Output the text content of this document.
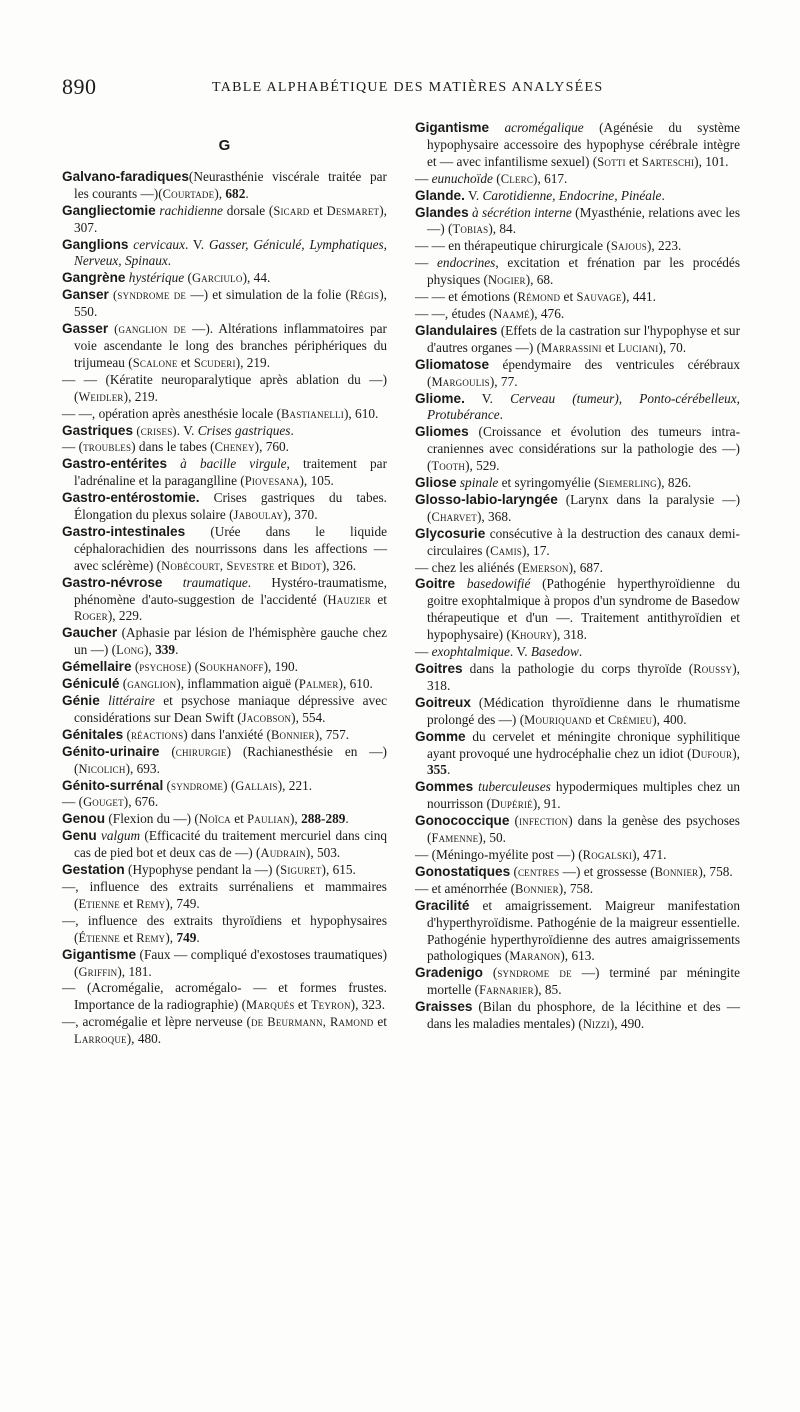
890	TABLE ALPHABÉTIQUE DES MATIÈRES ANALYSÉES
G

Galvano-faradiques(Neurasthénie viscérale traitée par les courants —)(Courtade), 682.

Gangliectomie rachidienne dorsale (Sicard et Desmaret), 307.

Ganglions cervicaux. V. Gasser, Géniculé, Lymphatiques, Nerveux, Spinaux.

Gangrène hystérique (Garciulo), 44.

Ganser (syndrome de —) et simulation de la folie (Régis), 550.

Gasser (ganglion de —). Altérations inflammatoires par voie ascendante le long des branches périphériques du trijumeau (Scalone et Scuderi), 219.

— — (Kératite neuroparalytique après ablation du —) (Weidler), 219.

— —, opération après anesthésie locale (Bastianelli), 610.

Gastriques (crises). V. Crises gastriques.

— (troubles) dans le tabes (Cheney), 760.

Gastro-entérites à bacille virgule, traitement par l'adrénaline et la paraganglline (Piovesana), 105.

Gastro-entérostomie. Crises gastriques du tabes. Élongation du plexus solaire (Jaboulay), 370.

Gastro-intestinales (Urée dans le liquide céphalorachidien des nourrissons dans les affections — avec sclérème) (Nobécourt, Sevestre et Bidot), 326.

Gastro-névrose traumatique. Hystéro-traumatisme, phénomène d'auto-suggestion de l'accidenté (Hauzier et Roger), 229.

Gaucher (Aphasie par lésion de l'hémisphère gauche chez un —) (Long), 339.

Gémellaire (psychose) (Soukhanoff), 190.

Géniculé (ganglion), inflammation aiguë (Palmer), 610.

Génie littéraire et psychose maniaque dépressive avec considérations sur Dean Swift (Jacobson), 554.

Génitales (réactions) dans l'anxiété (Bonnier), 757.

Génito-urinaire (chirurgie) (Rachianesthésie en —) (Nicolich), 693.

Génito-surrénal (syndrome) (Gallais), 221.

— (Gouget), 676.

Genou (Flexion du —) (Noïca et Paulian), 288-289.

Genu valgum (Efficacité du traitement mercuriel dans cinq cas de pied bot et deux cas de —) (Audrain), 503.

Gestation (Hypophyse pendant la —) (Siguret), 615.

—, influence des extraits surrénaliens et mammaires (Etienne et Remy), 749.

—, influence des extraits thyroïdiens et hypophysaires (Étienne et Remy), 749.

Gigantisme (Faux — compliqué d'exostoses traumatiques) (Griffin), 181.

— (Acromégalie, acromégalo- — et formes frustes. Importance de la radiographie) (Marqués et Teyron), 323.

—, acromégalie et lèpre nerveuse (de Beurmann, Ramond et Larroque), 480.

Gigantisme acromégalique (Agénésie du système hypophysaire accessoire des hypophyse cérébrale intègre et — avec infantilisme sexuel) (Sotti et Sarteschi), 101.

— eunuchoïde (Clerc), 617.

Glande. V. Carotidienne, Endocrine, Pinéale.

Glandes à sécrétion interne (Myasthénie, relations avec les —) (Tobias), 84.

— — en thérapeutique chirurgicale (Sajous), 223.

— endocrines, excitation et frénation par les procédés physiques (Nogier), 68.

— — et émotions (Rémond et Sauvage), 441.

— —, études (Naamé), 476.

Glandulaires (Effets de la castration sur l'hypophyse et sur d'autres organes —) (Marrassini et Luciani), 70.

Gliomatose épendymaire des ventricules cérébraux (Margoulis), 77.

Gliome. V. Cerveau (tumeur), Ponto-cérébelleux, Protubérance.

Gliomes (Croissance et évolution des tumeurs intra-craniennes avec considérations sur la pathologie des —) (Tooth), 529.

Gliose spinale et syringomyélie (Siemerling), 826.

Glosso-labio-laryngée (Larynx dans la paralysie —) (Charvet), 368.

Glycosurie consécutive à la destruction des canaux demi-circulaires (Camis), 17.

— chez les aliénés (Emerson), 687.

Goitre basedowifié (Pathogénie hyperthyroïdienne du goitre exophtalmique à propos d'un syndrome de Basedow thérapeutique et d'un —. Traitement antithyroïdien et hypophysaire) (Khoury), 318.

— exophtalmique. V. Basedow.

Goitres dans la pathologie du corps thyroïde (Roussy), 318.

Goitreux (Médication thyroïdienne dans le rhumatisme prolongé des —) (Mouriquand et Crémieu), 400.

Gomme du cervelet et méningite chronique syphilitique ayant provoqué une hydrocéphalie chez un idiot (Dufour), 355.

Gommes tuberculeuses hypodermiques multiples chez un nourrisson (Dupérié), 91.

Gonococcique (infection) dans la genèse des psychoses (Famenne), 50.

— (Méningo-myélite post —) (Rogalski), 471.

Gonostatiques (centres —) et grossesse (Bonnier), 758.

— et aménorrhée (Bonnier), 758.

Gracilité et amaigrissement. Maigreur manifestation d'hyperthyroïdisme. Pathogénie de la maigreur essentielle. Pathogénie hyperthyroïdienne des autres amaigrissements pathologiques (Maranon), 613.

Gradenigo (syndrome de —) terminé par méningite mortelle (Farnarier), 85.

Graisses (Bilan du phosphore, de la lécithine et des — dans les maladies mentales) (Nizzi), 490.
